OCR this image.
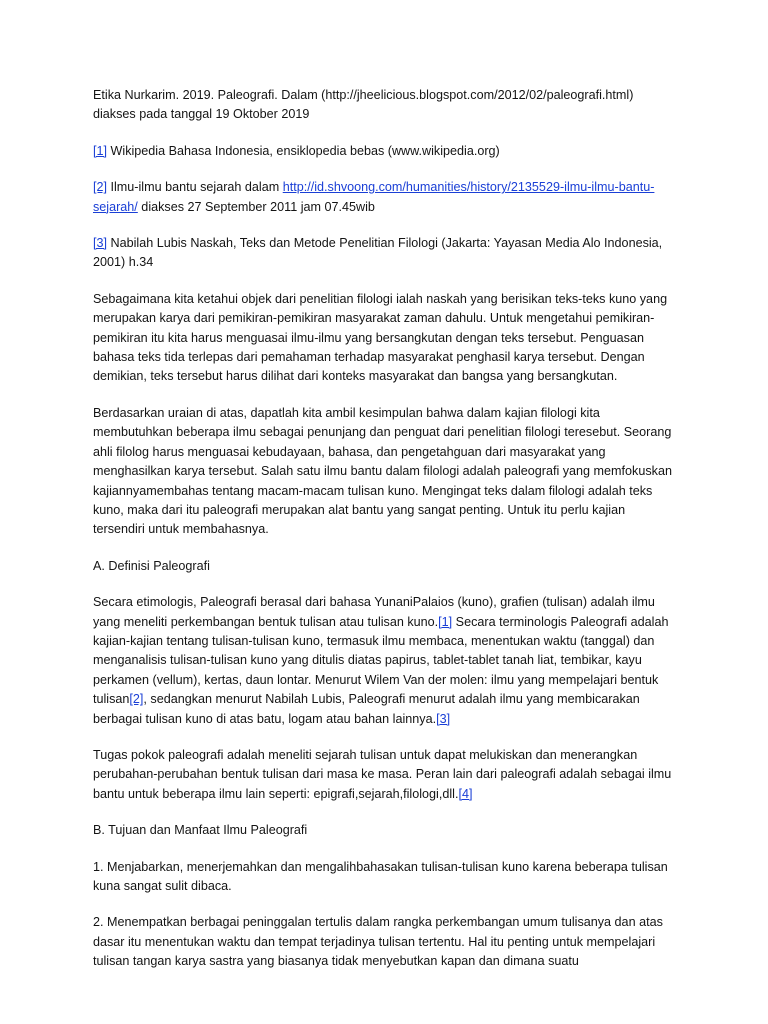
Etika Nurkarim. 2019. Paleografi. Dalam (http://jheelicious.blogspot.com/2012/02/paleografi.html) diakses pada tanggal 19 Oktober 2019

[1] Wikipedia Bahasa Indonesia, ensiklopedia bebas (www.wikipedia.org)

[2] Ilmu-ilmu bantu sejarah dalam http://id.shvoong.com/humanities/history/2135529-ilmu-ilmu-bantu-sejarah/ diakses 27 September 2011 jam 07.45wib

[3] Nabilah Lubis Naskah, Teks dan Metode Penelitian Filologi (Jakarta: Yayasan Media Alo Indonesia, 2001) h.34

Sebagaimana kita ketahui objek dari penelitian filologi ialah naskah yang berisikan teks-teks kuno yang merupakan karya dari pemikiran-pemikiran masyarakat zaman dahulu. Untuk mengetahui pemikiran-pemikiran itu kita harus menguasai ilmu-ilmu yang bersangkutan dengan teks tersebut. Penguasan bahasa teks tida terlepas dari pemahaman terhadap masyarakat penghasil karya tersebut. Dengan demikian, teks tersebut harus dilihat dari konteks masyarakat dan bangsa yang bersangkutan.

Berdasarkan uraian di atas, dapatlah kita ambil kesimpulan bahwa dalam kajian filologi kita membutuhkan beberapa ilmu sebagai penunjang dan penguat dari penelitian filologi teresebut. Seorang ahli filolog harus menguasai kebudayaan, bahasa, dan pengetahguan dari masyarakat yang menghasilkan karya tersebut. Salah satu ilmu bantu dalam filologi adalah paleografi yang memfokuskan kajiannyamembahas tentang macam-macam tulisan kuno. Mengingat teks dalam filologi adalah teks kuno, maka dari itu paleografi merupakan alat bantu yang sangat penting. Untuk itu perlu kajian tersendiri untuk membahasnya.

A. Definisi Paleografi

Secara etimologis, Paleografi berasal dari bahasa YunaniPalaios (kuno), grafien (tulisan) adalah ilmu yang meneliti perkembangan bentuk tulisan atau tulisan kuno.[1] Secara terminologis Paleografi adalah kajian-kajian tentang tulisan-tulisan kuno, termasuk ilmu membaca, menentukan waktu (tanggal) dan menganalisis tulisan-tulisan kuno yang ditulis diatas papirus, tablet-tablet tanah liat, tembikar, kayu perkamen (vellum), kertas, daun lontar. Menurut Wilem Van der molen: ilmu yang mempelajari bentuk tulisan[2], sedangkan menurut Nabilah Lubis, Paleografi menurut adalah ilmu yang membicarakan berbagai tulisan kuno di atas batu, logam atau bahan lainnya.[3]

Tugas pokok paleografi adalah meneliti sejarah tulisan untuk dapat melukiskan dan menerangkan perubahan-perubahan bentuk tulisan dari masa ke masa. Peran lain dari paleografi adalah sebagai ilmu bantu untuk beberapa ilmu lain seperti: epigrafi,sejarah,filologi,dll.[4]

B. Tujuan dan Manfaat Ilmu Paleografi

1. Menjabarkan, menerjemahkan dan mengalihbahasakan tulisan-tulisan kuno karena beberapa tulisan kuna sangat sulit dibaca.

2. Menempatkan berbagai peninggalan tertulis dalam rangka perkembangan umum tulisanya dan atas dasar itu menentukan waktu dan tempat terjadinya tulisan tertentu. Hal itu penting untuk mempelajari tulisan tangan karya sastra yang biasanya tidak menyebutkan kapan dan dimana suatu
